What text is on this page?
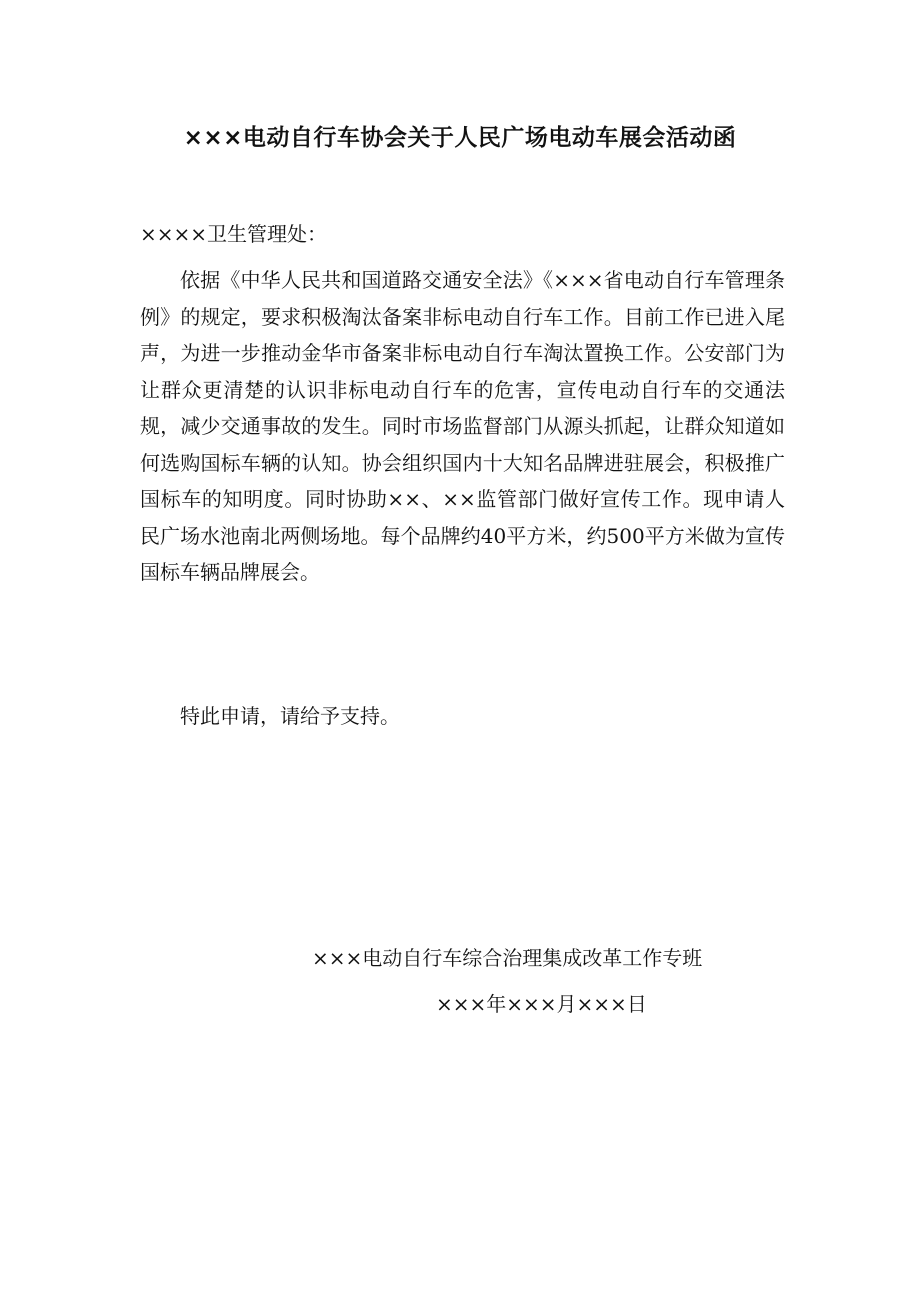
×××电动自行车协会关于人民广场电动车展会活动函
××××卫生管理处：
依据《中华人民共和国道路交通安全法》《×××省电动自行车管理条例》的规定，要求积极淘汰备案非标电动自行车工作。目前工作已进入尾声，为进一步推动金华市备案非标电动自行车淘汰置换工作。公安部门为让群众更清楚的认识非标电动自行车的危害，宣传电动自行车的交通法规，减少交通事故的发生。同时市场监督部门从源头抓起，让群众知道如何选购国标车辆的认知。协会组织国内十大知名品牌进驻展会，积极推广国标车的知明度。同时协助××、××监管部门做好宣传工作。现申请人民广场水池南北两侧场地。每个品牌约40平方米，约500平方米做为宣传国标车辆品牌展会。
特此申请，请给予支持。
×××电动自行车综合治理集成改革工作专班
×××年×××月×××日
